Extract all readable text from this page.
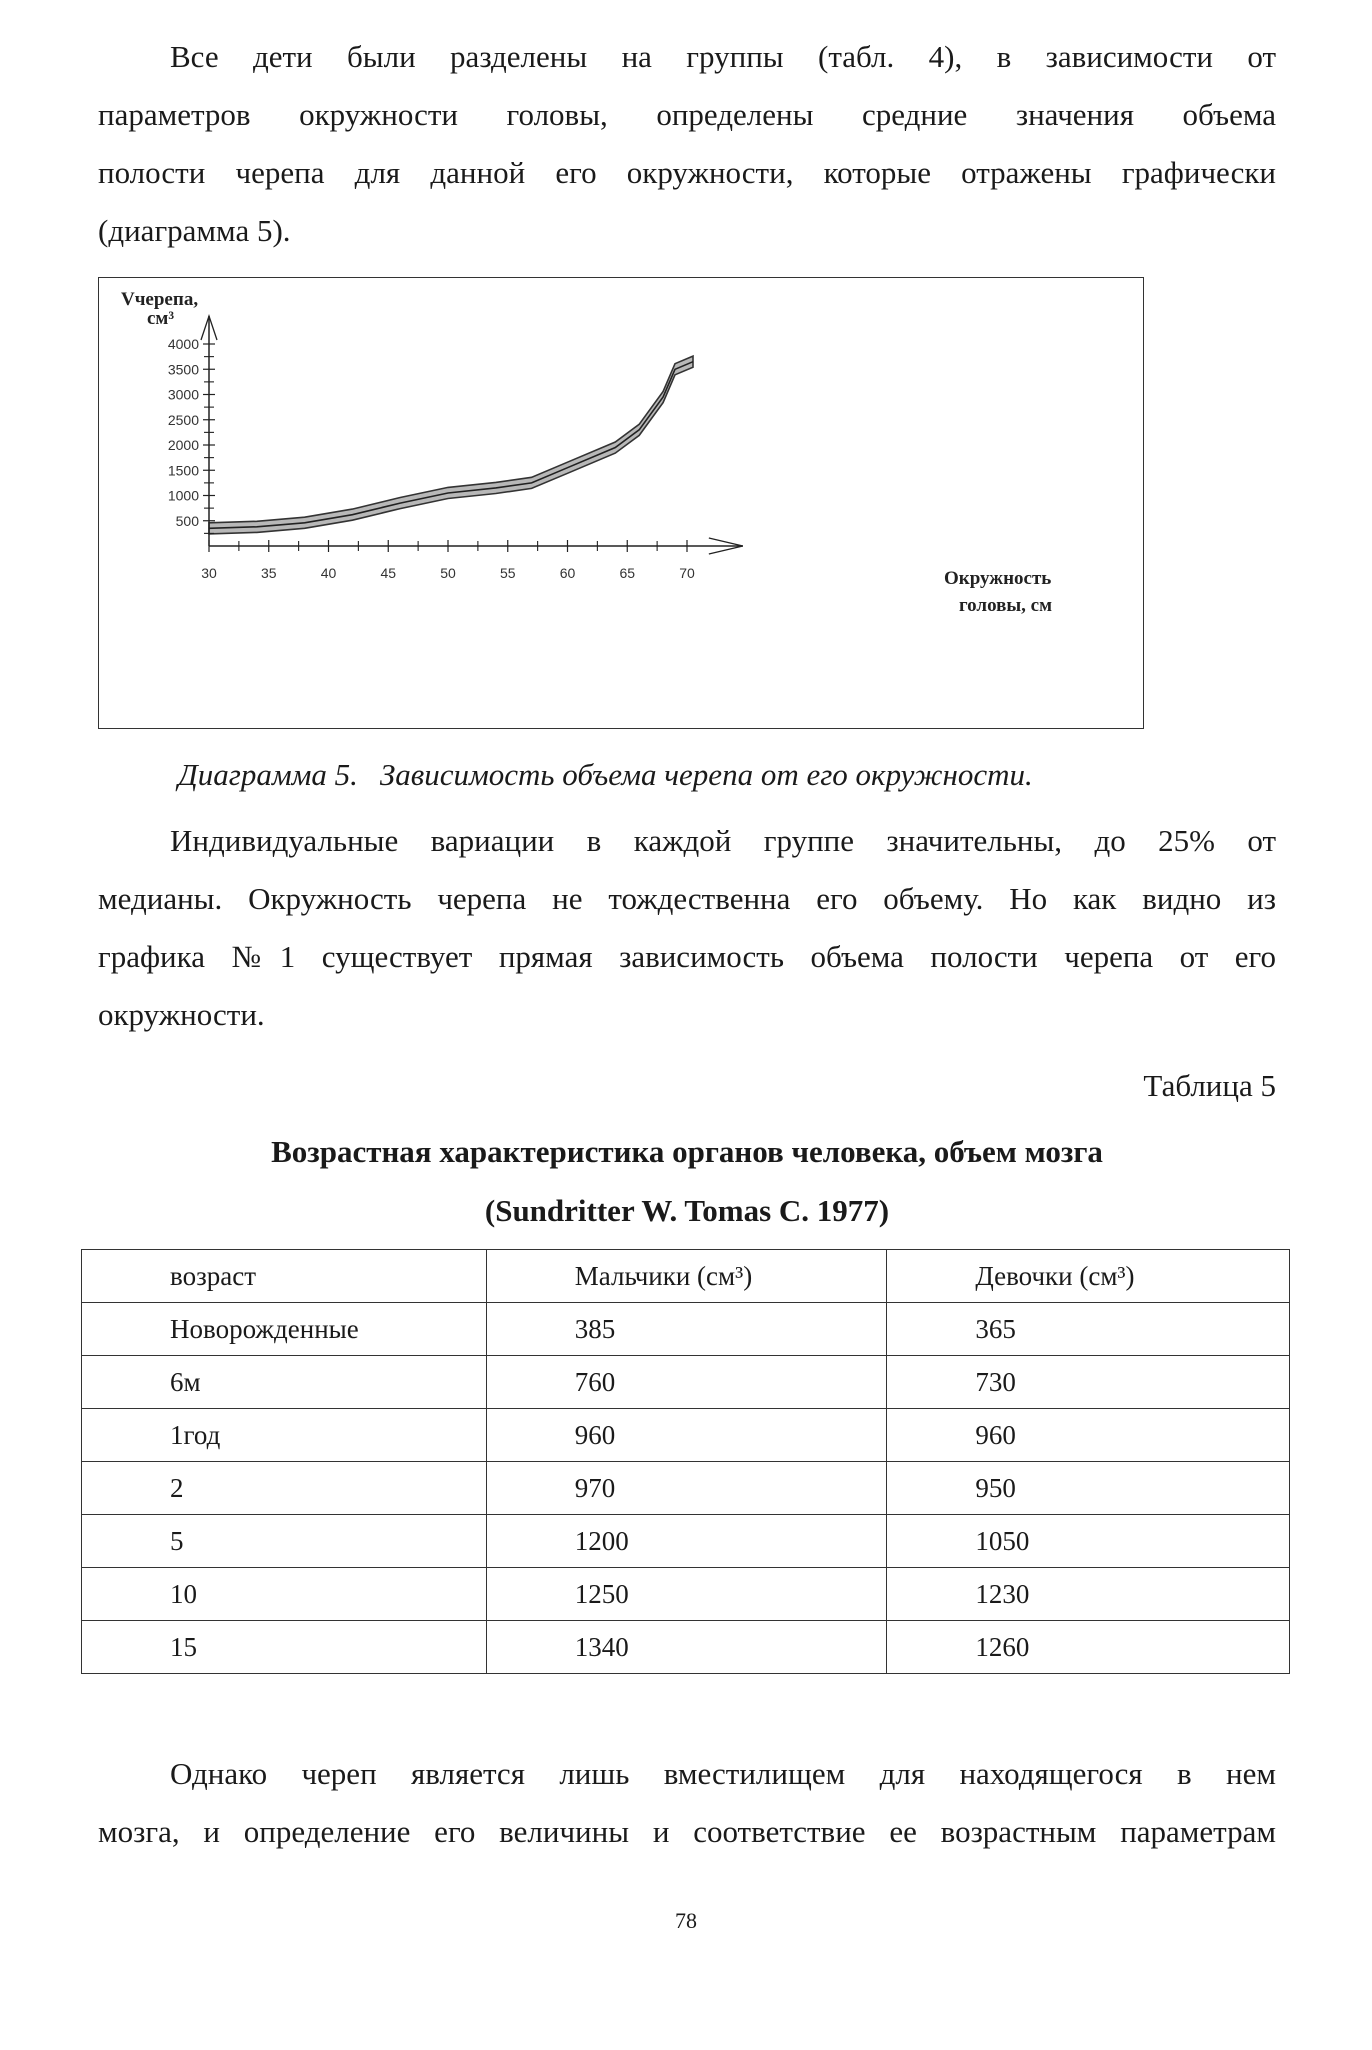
Все дети были разделены на группы (табл. 4), в зависимости от
параметров окружности головы, определены средние значения объема
полости черепа для данной его окружности, которые отражены графически
(диаграмма 5).
30	35	40	45	50	55	60	65	70
500
1000
1500
2000
2500
3000
3500
4000
Vчерепа,
см³
Окружность
головы, см

Диаграмма 5. Зависимость объема черепа от его окружности.

Индивидуальные вариации в каждой группе значительны, до 25% от
медианы. Окружность черепа не тождественна его объему. Но как видно из
графика №1 существует прямая зависимость объема полости черепа от его
окружности.

Таблица 5

Возрастная характеристика органов человека, объем мозга
(Sundritter W. Tomas C. 1977)
возраст	Мальчики (см³)	Девочки (см³)
Новорожденные	385	365
6м	760	730
1год	960	960
2	970	950
5	1200	1050
10	1250	1230
15	1340	1260
Однако череп является лишь вместилищем для находящегося в нем
мозга, и определение его величины и соответствие ее возрастным параметрам

78
